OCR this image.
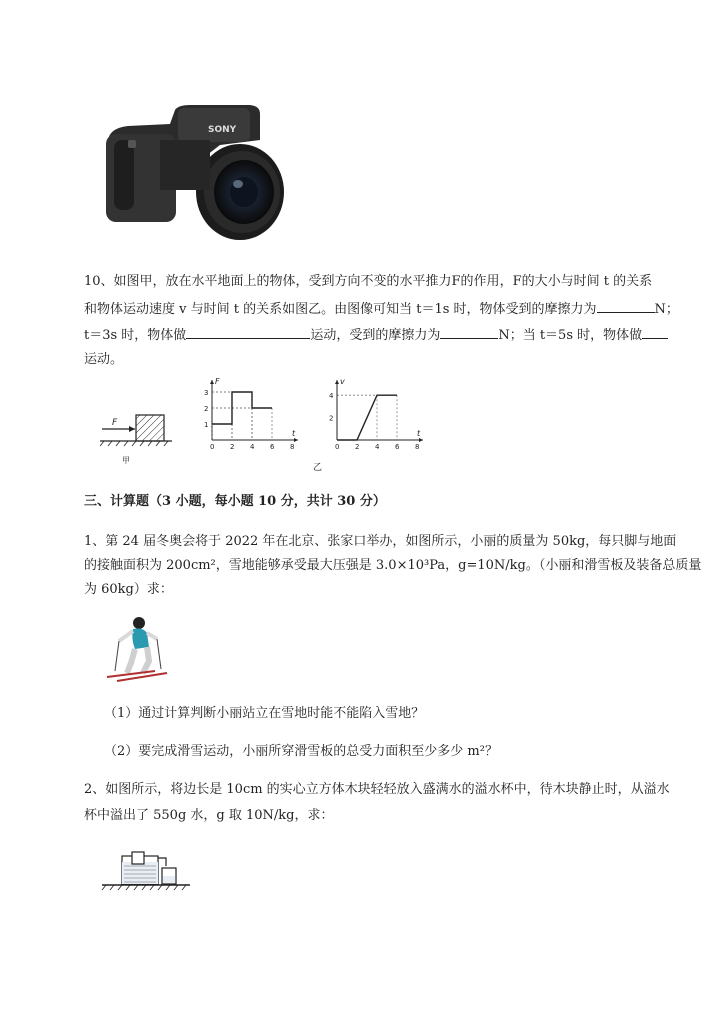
SONY
10、如图甲，放在水平地面上的物体，受到方向不变的水平推力F的作用，F的大小与时间 t 的关系
和物体运动速度 v 与时间 t 的关系如图乙。由图像可知当 t＝1s 时，物体受到的摩擦力为	N；
t＝3s 时，物体做	运动，受到的摩擦力为	N；当 t＝5s 时，物体做
运动。
F
甲
t
F
0 2 4 6 8
1
2
3
t
v
0 2 4 6 8
2
4
乙
三、计算题（3 小题，每小题 10 分，共计 30 分）
1、第 24 届冬奥会将于 2022 年在北京、张家口举办，如图所示，小丽的质量为 50kg，每只脚与地面
的接触面积为 200cm²，雪地能够承受最大压强是 3.0×10³Pa，g=10N/kg。（小丽和滑雪板及装备总质量
为 60kg）求：
（1）通过计算判断小丽站立在雪地时能不能陷入雪地？
（2）要完成滑雪运动，小丽所穿滑雪板的总受力面积至少多少 m²？
2、如图所示，将边长是 10cm 的实心立方体木块轻轻放入盛满水的溢水杯中，待木块静止时，从溢水
杯中溢出了 550g 水，g 取 10N/kg，求：
